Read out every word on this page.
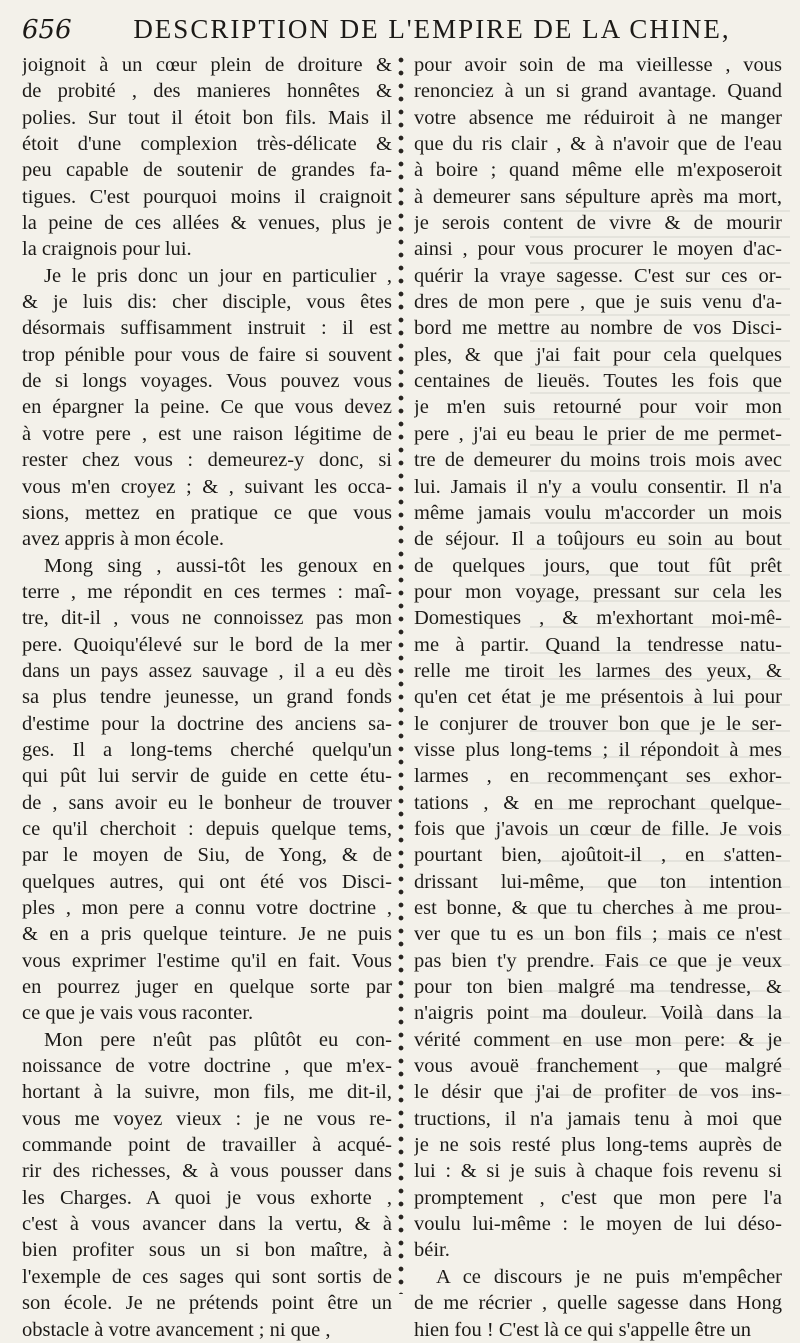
656	DESCRIPTION DE L'EMPIRE DE LA CHINE,
joignoit à un cœur plein de droiture &
de probité , des manieres honnêtes &
polies. Sur tout il étoit bon fils. Mais il
étoit d'une complexion très-délicate &
peu capable de soutenir de grandes fa-
tigues. C'est pourquoi moins il craignoit
la peine de ces allées & venues, plus je
la craignois pour lui.
Je le pris donc un jour en particulier ,
& je luis dis: cher disciple, vous êtes
désormais suffisamment instruit : il est
trop pénible pour vous de faire si souvent
de si longs voyages. Vous pouvez vous
en épargner la peine. Ce que vous devez
à votre pere , est une raison légitime de
rester chez vous : demeurez-y donc, si
vous m'en croyez ; & , suivant les occa-
sions, mettez en pratique ce que vous
avez appris à mon école.
Mong sing , aussi-tôt les genoux en
terre , me répondit en ces termes : maî-
tre, dit-il , vous ne connoissez pas mon
pere. Quoiqu'élevé sur le bord de la mer
dans un pays assez sauvage , il a eu dès
sa plus tendre jeunesse, un grand fonds
d'estime pour la doctrine des anciens sa-
ges. Il a long-tems cherché quelqu'un
qui pût lui servir de guide en cette étu-
de , sans avoir eu le bonheur de trouver
ce qu'il cherchoit : depuis quelque tems,
par le moyen de Siu, de Yong, & de
quelques autres, qui ont été vos Disci-
ples , mon pere a connu votre doctrine ,
& en a pris quelque teinture. Je ne puis
vous exprimer l'estime qu'il en fait. Vous
en pourrez juger en quelque sorte par
ce que je vais vous raconter.
Mon pere n'eût pas plûtôt eu con-
noissance de votre doctrine , que m'ex-
hortant à la suivre, mon fils, me dit-il,
vous me voyez vieux : je ne vous re-
commande point de travailler à acqué-
rir des richesses, & à vous pousser dans
les Charges. A quoi je vous exhorte ,
c'est à vous avancer dans la vertu, & à
bien profiter sous un si bon maître, à
l'exemple de ces sages qui sont sortis de
son école. Je ne prétends point être un
obstacle à votre avancement ; ni que ,
pour avoir soin de ma vieillesse , vous
renonciez à un si grand avantage. Quand
votre absence me réduiroit à ne manger
que du ris clair , & à n'avoir que de l'eau
à boire ; quand même elle m'exposeroit
à demeurer sans sépulture après ma mort,
je serois content de vivre & de mourir
ainsi , pour vous procurer le moyen d'ac-
quérir la vraye sagesse. C'est sur ces or-
dres de mon pere , que je suis venu d'a-
bord me mettre au nombre de vos Disci-
ples, & que j'ai fait pour cela quelques
centaines de lieuës. Toutes les fois que
je m'en suis retourné pour voir mon
pere , j'ai eu beau le prier de me permet-
tre de demeurer du moins trois mois avec
lui. Jamais il n'y a voulu consentir. Il n'a
même jamais voulu m'accorder un mois
de séjour. Il a toûjours eu soin au bout
de quelques jours, que tout fût prêt
pour mon voyage, pressant sur cela les
Domestiques , & m'exhortant moi-mê-
me à partir. Quand la tendresse natu-
relle me tiroit les larmes des yeux, &
qu'en cet état je me présentois à lui pour
le conjurer de trouver bon que je le ser-
visse plus long-tems ; il répondoit à mes
larmes , en recommençant ses exhor-
tations , & en me reprochant quelque-
fois que j'avois un cœur de fille. Je vois
pourtant bien, ajoûtoit-il , en s'atten-
drissant lui-même, que ton intention
est bonne, & que tu cherches à me prou-
ver que tu es un bon fils ; mais ce n'est
pas bien t'y prendre. Fais ce que je veux
pour ton bien malgré ma tendresse, &
n'aigris point ma douleur. Voilà dans la
vérité comment en use mon pere: & je
vous avouë franchement , que malgré
le désir que j'ai de profiter de vos ins-
tructions, il n'a jamais tenu à moi que
je ne sois resté plus long-tems auprès de
lui : & si je suis à chaque fois revenu si
promptement , c'est que mon pere l'a
voulu lui-même : le moyen de lui déso-
béir.
A ce discours je ne puis m'empêcher
de me récrier , quelle sagesse dans Hong
hien fou ! C'est là ce qui s'appelle être un
